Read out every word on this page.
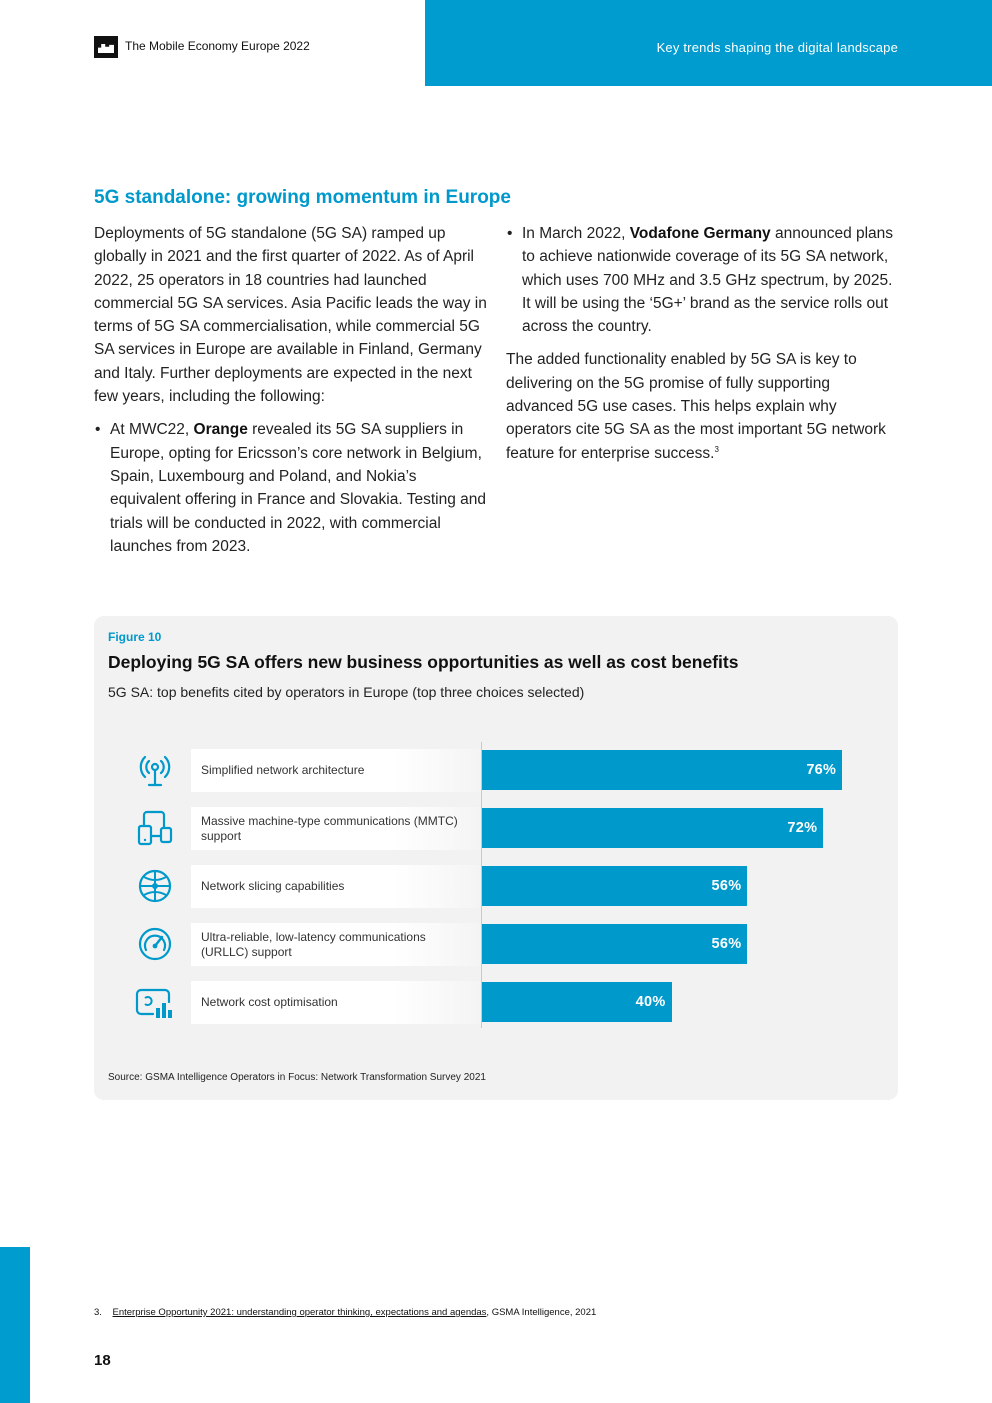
The Mobile Economy Europe 2022	Key trends shaping the digital landscape
5G standalone: growing momentum in Europe

Deployments of 5G standalone (5G SA) ramped up globally in 2021 and the first quarter of 2022. As of April 2022, 25 operators in 18 countries had launched commercial 5G SA services. Asia Pacific leads the way in terms of 5G SA commercialisation, while commercial 5G SA services in Europe are available in Finland, Germany and Italy. Further deployments are expected in the next few years, including the following:

• At MWC22, Orange revealed its 5G SA suppliers in Europe, opting for Ericsson’s core network in Belgium, Spain, Luxembourg and Poland, and Nokia’s equivalent offering in France and Slovakia. Testing and trials will be conducted in 2022, with commercial launches from 2023.
• In March 2022, Vodafone Germany announced plans to achieve nationwide coverage of its 5G SA network, which uses 700 MHz and 3.5 GHz spectrum, by 2025. It will be using the ‘5G+’ brand as the service rolls out across the country.

The added functionality enabled by 5G SA is key to delivering on the 5G promise of fully supporting advanced 5G use cases. This helps explain why operators cite 5G SA as the most important 5G network feature for enterprise success.$^3$

Figure 10
Deploying 5G SA offers new business opportunities as well as cost benefits
5G SA: top benefits cited by operators in Europe (top three choices selected)
Simplified network architecture	76%
Massive machine-type communications (MMTC) support	72%
Network slicing capabilities	56%
Ultra-reliable, low-latency communications (URLLC) support	56%
Network cost optimisation	40%
Source: GSMA Intelligence Operators in Focus: Network Transformation Survey 2021
3. Enterprise Opportunity 2021: understanding operator thinking, expectations and agendas, GSMA Intelligence, 2021
18
